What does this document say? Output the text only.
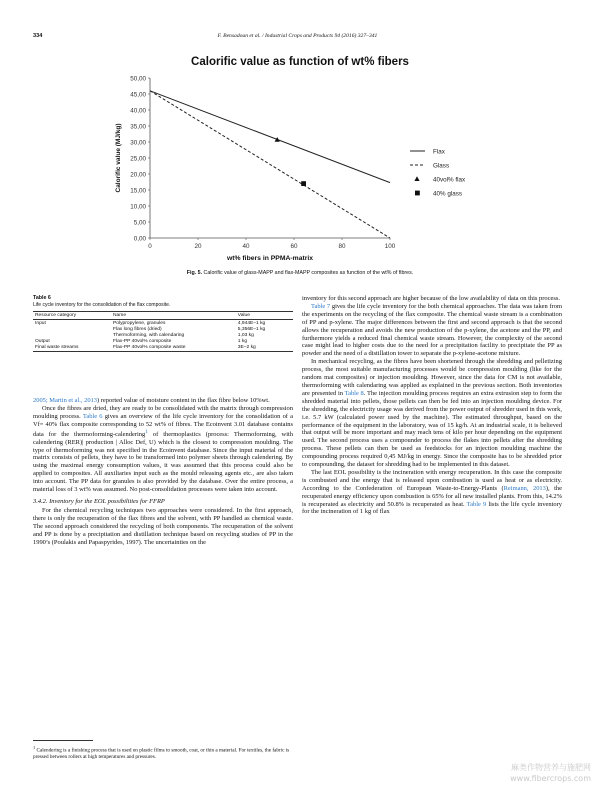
334	F. Bensadoun et al. / Industrial Crops and Products 94 (2016) 327–341
Calorific value as function of wt% fibers
0,00
5,00
10,00
15,00
20,00
25,00
30,00
35,00
40,00
45,00
50,00
0	20	40	60	80	100
wt% fibers in PPMA-matrix
Calorific value (MJ/kg)	Flax
Glass
40vol% flax
40% glass
Fig. 5. Calorific value of glass-MAPP and flax-MAPP composites as function of the wt% of fibres.
Table 6
Life cycle inventory for the consolidation of the flax composite.
Resource category	Name	Value
Input	Polypropylene, granules	4,944E–1 kg
	Flax long fibres (dried)	5,356E–1 kg
	Thermoforming, with calendaring	1,03 kg
Output	Flax-PP 40vol% composite	1 kg
Final waste streams	Flax-PP 40vol% composite waste	3E–2 kg

2005; Martin et al., 2013) reported value of moisture content in the flax fibre below 10%wt.

Once the fibres are dried, they are ready to be consolidated with the matrix through compression moulding process. Table 6 gives an overview of the life cycle inventory for the consolidation of a Vf= 40% flax composite corresponding to 52 wt% of fibres. The Ecoinvent 3.01 database contains data for the thermoforming-calendering$^1$ of thermoplastics (process: Thermoforming, with calendering (RER)| production | Alloc Def, U) which is the closest to compression moulding. The type of thermoforming was not specified in the Ecoinvent database. Since the input material of the matrix consists of pellets, they have to be transformed into polymer sheets through calendering. By using the maximal energy consumption values, it was assumed that this process could also be applied to composites. All auxiliaries input such as the mould releasing agents etc., are also taken into account. The PP data for granules is also provided by the database. Over the entire process, a material loss of 3 wt% was assumed. No post-consolidation processes were taken into account.

3.4.2. Inventory for the EOL possibilities for FFRP

For the chemical recycling techniques two approaches were considered. In the first approach, there is only the recuperation of the flax fibres and the solvent, with PP handled as chemical waste. The second approach considered the recycling of both components. The recuperation of the solvent and PP is done by a precipitation and distillation technique based on recycling studies of PP in the 1990’s (Poulakis and Papaspyrides, 1997). The uncertainties on the

$^1$ Calendering is a finishing process that is used on plastic films to smooth, coat, or thin a material. For textiles, the fabric is pressed between rollers at high temperatures and pressures.

inventory for this second approach are higher because of the low availability of data on this process.

Table 7 gives the life cycle inventory for the both chemical approaches. The data was taken from the experiments on the recycling of the flax composite. The chemical waste stream is a combination of PP and p-xylene. The major differences between the first and second approach is that the second allows the recuperation and avoids the new production of the p-xylene, the acetone and the PP, and furthermore yields a reduced final chemical waste stream. However, the complexity of the second case might lead to higher costs due to the need for a precipitation facility to precipitate the PP as powder and the need of a distillation tower to separate the p-xylene-acetone mixture.

In mechanical recycling, as the fibres have been shortened through the shredding and pelletizing process, the most suitable manufacturing processes would be compression moulding (like for the random mat composites) or injection moulding. However, since the data for CM is not available, thermoforming with calendaring was applied as explained in the previous section. Both inventories are presented in Table 8. The injection moulding process requires an extra extrusion step to form the shredded material into pellets, those pellets can then be fed into an injection moulding device. For the shredding, the electricity usage was derived from the power output of shredder used in this work, i.e. 5.7 kW (calculated power used by the machine). The estimated throughput, based on the performance of the equipment in the laboratory, was of 15 kg/h. At an industrial scale, it is believed that output will be more important and may reach tens of kilo per hour depending on the equipment used. The second process uses a compounder to process the flakes into pellets after the shredding process. These pellets can then be used as feedstocks for an injection moulding machine the compounding process required 0,45 MJ/kg in energy. Since the composite has to be shredded prior to compounding, the dataset for shredding had to be implemented in this dataset.

The last EOL possibility is the incineration with energy recuperation. In this case the composite is combusted and the energy that is released upon combustion is used as heat or as electricity. According to the Confederation of European Waste-to-Energy-Plants (Reimann, 2013), the recuperated energy efficiency upon combustion is 65% for all new installed plants. From this, 14.2% is recuperated as electricity and 50.8% is recuperated as heat. Table 9 lists the life cycle inventory for the incineration of 1 kg of flax

麻类作物营养与施肥网
www.fibercrops.com
